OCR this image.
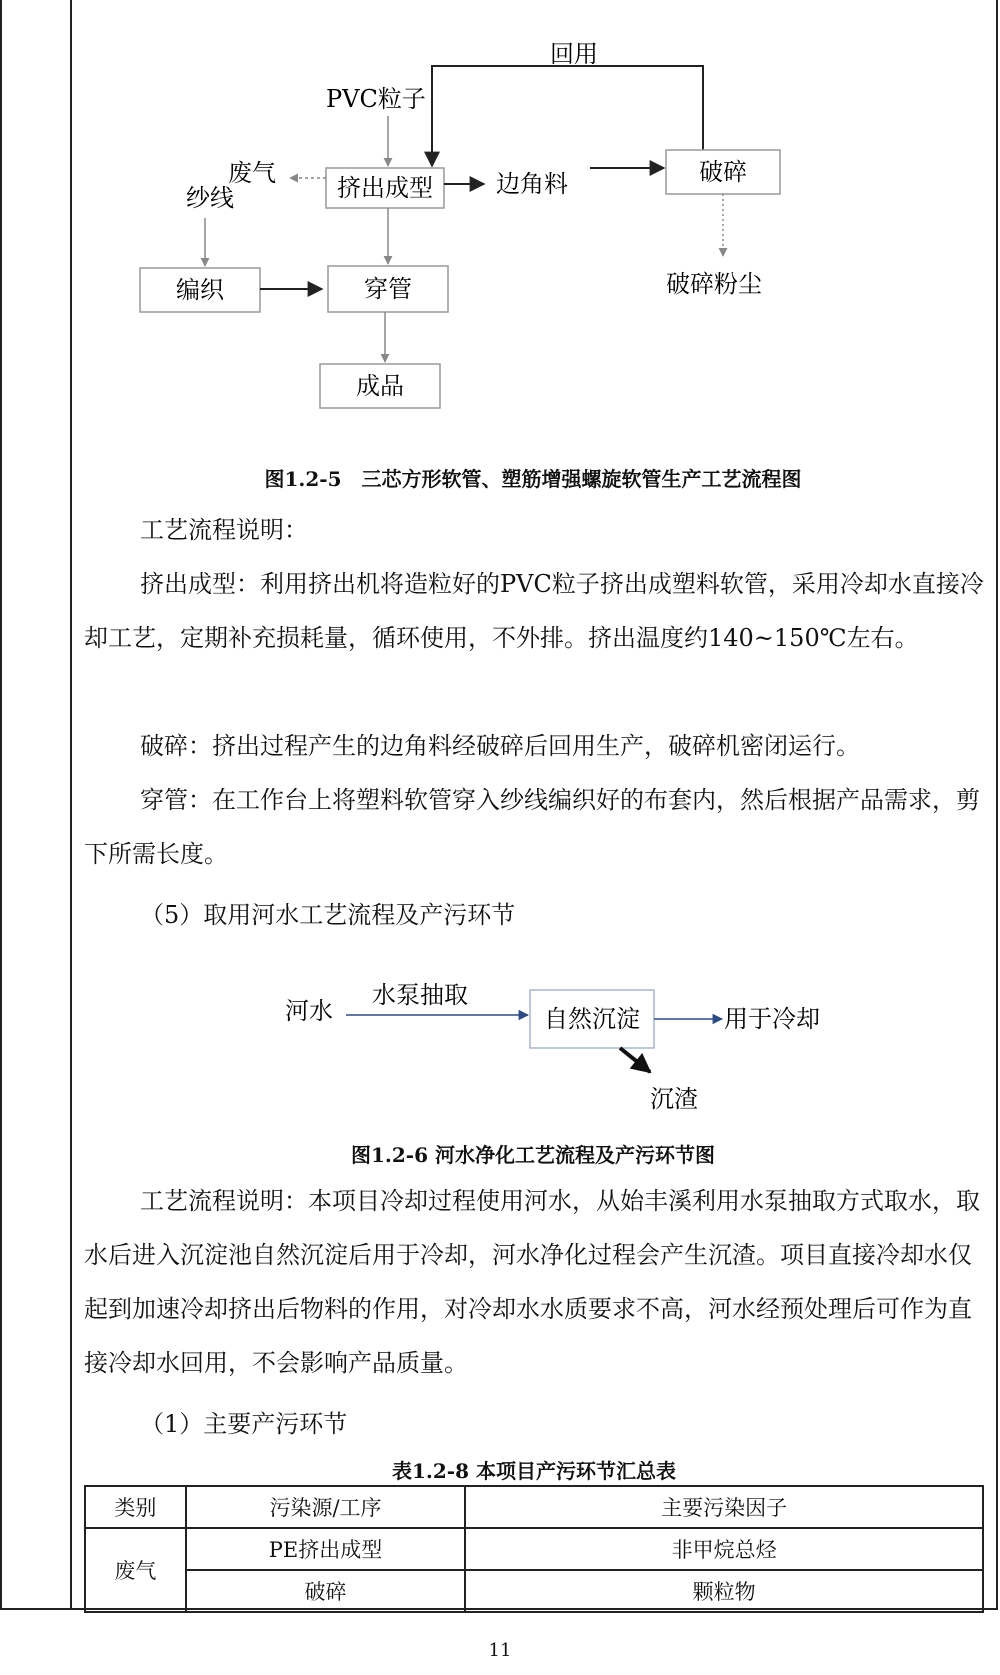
回用
PVC粒子
挤出成型
废气
纱线	边角料	破碎
破碎粉尘
编织	穿管
成品
图1.2-5　三芯方形软管、塑筋增强螺旋软管生产工艺流程图
工艺流程说明：

挤出成型：利用挤出机将造粒好的PVC粒子挤出成塑料软管，采用冷却水直接冷却工艺，定期补充损耗量，循环使用，不外排。挤出温度约140~150℃左右。

破碎：挤出过程产生的边角料经破碎后回用生产，破碎机密闭运行。

穿管：在工作台上将塑料软管穿入纱线编织好的布套内，然后根据产品需求，剪下所需长度。

（5）取用河水工艺流程及产污环节
河水
水泵抽取
自然沉淀	用于冷却
沉渣
图1.2-6 河水净化工艺流程及产污环节图

工艺流程说明：本项目冷却过程使用河水，从始丰溪利用水泵抽取方式取水，取水后进入沉淀池自然沉淀后用于冷却，河水净化过程会产生沉渣。项目直接冷却水仅起到加速冷却挤出后物料的作用，对冷却水水质要求不高，河水经预处理后可作为直接冷却水回用，不会影响产品质量。

（1）主要产污环节
表1.2-8 本项目产污环节汇总表
类别	污染源/工序	主要污染因子
废气	PE挤出成型	非甲烷总烃
	破碎	颗粒物
11
